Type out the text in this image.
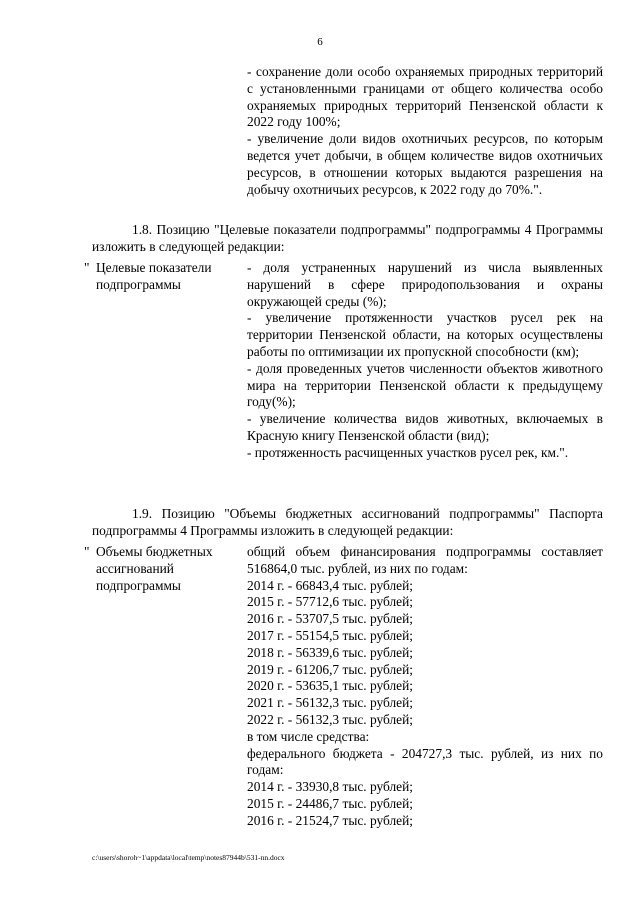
6

- сохранение доли особо охраняемых природных территорий с установленными границами от общего количества особо охраняемых природных территорий Пензенской области к 2022 году 100%;

- увеличение доли видов охотничьих ресурсов, по которым ведется учет добычи, в общем количестве видов охотничьих ресурсов, в отношении которых выдаются разрешения на добычу охотничьих ресурсов, к 2022 году до 70%.".

1.8. Позицию "Целевые показатели подпрограммы" подпрограммы 4 Программы изложить в следующей редакции:

" Целевые показатели подпрограммы

- доля устраненных нарушений из числа выявленных нарушений в сфере природопользования и охраны окружающей среды (%);

- увеличение протяженности участков русел рек на территории Пензенской области, на которых осуществлены работы по оптимизации их пропускной способности (км);

- доля проведенных учетов численности объектов животного мира на территории Пензенской области к предыдущему году(%);

- увеличение количества видов животных, включаемых в Красную книгу Пензенской области (вид);

- протяженность расчищенных участков русел рек, км.".

1.9. Позицию "Объемы бюджетных ассигнований подпрограммы" Паспорта подпрограммы 4 Программы изложить в следующей редакции:

" Объемы бюджетных ассигнований подпрограммы

общий объем финансирования подпрограммы составляет 516864,0 тыс. рублей, из них по годам:

2014 г. - 66843,4 тыс. рублей;

2015 г. - 57712,6 тыс. рублей;

2016 г. - 53707,5 тыс. рублей;

2017 г. - 55154,5 тыс. рублей;

2018 г. - 56339,6 тыс. рублей;

2019 г. - 61206,7 тыс. рублей;

2020 г. - 53635,1 тыс. рублей;

2021 г. - 56132,3 тыс. рублей;

2022 г. - 56132,3 тыс. рублей;

в том числе средства:

федерального бюджета - 204727,3 тыс. рублей, из них по годам:

2014 г. - 33930,8 тыс. рублей;

2015 г. - 24486,7 тыс. рублей;

2016 г. - 21524,7 тыс. рублей;

c:\users\shoroh~1\appdata\local\temp\notes87944b\531-nn.docx
